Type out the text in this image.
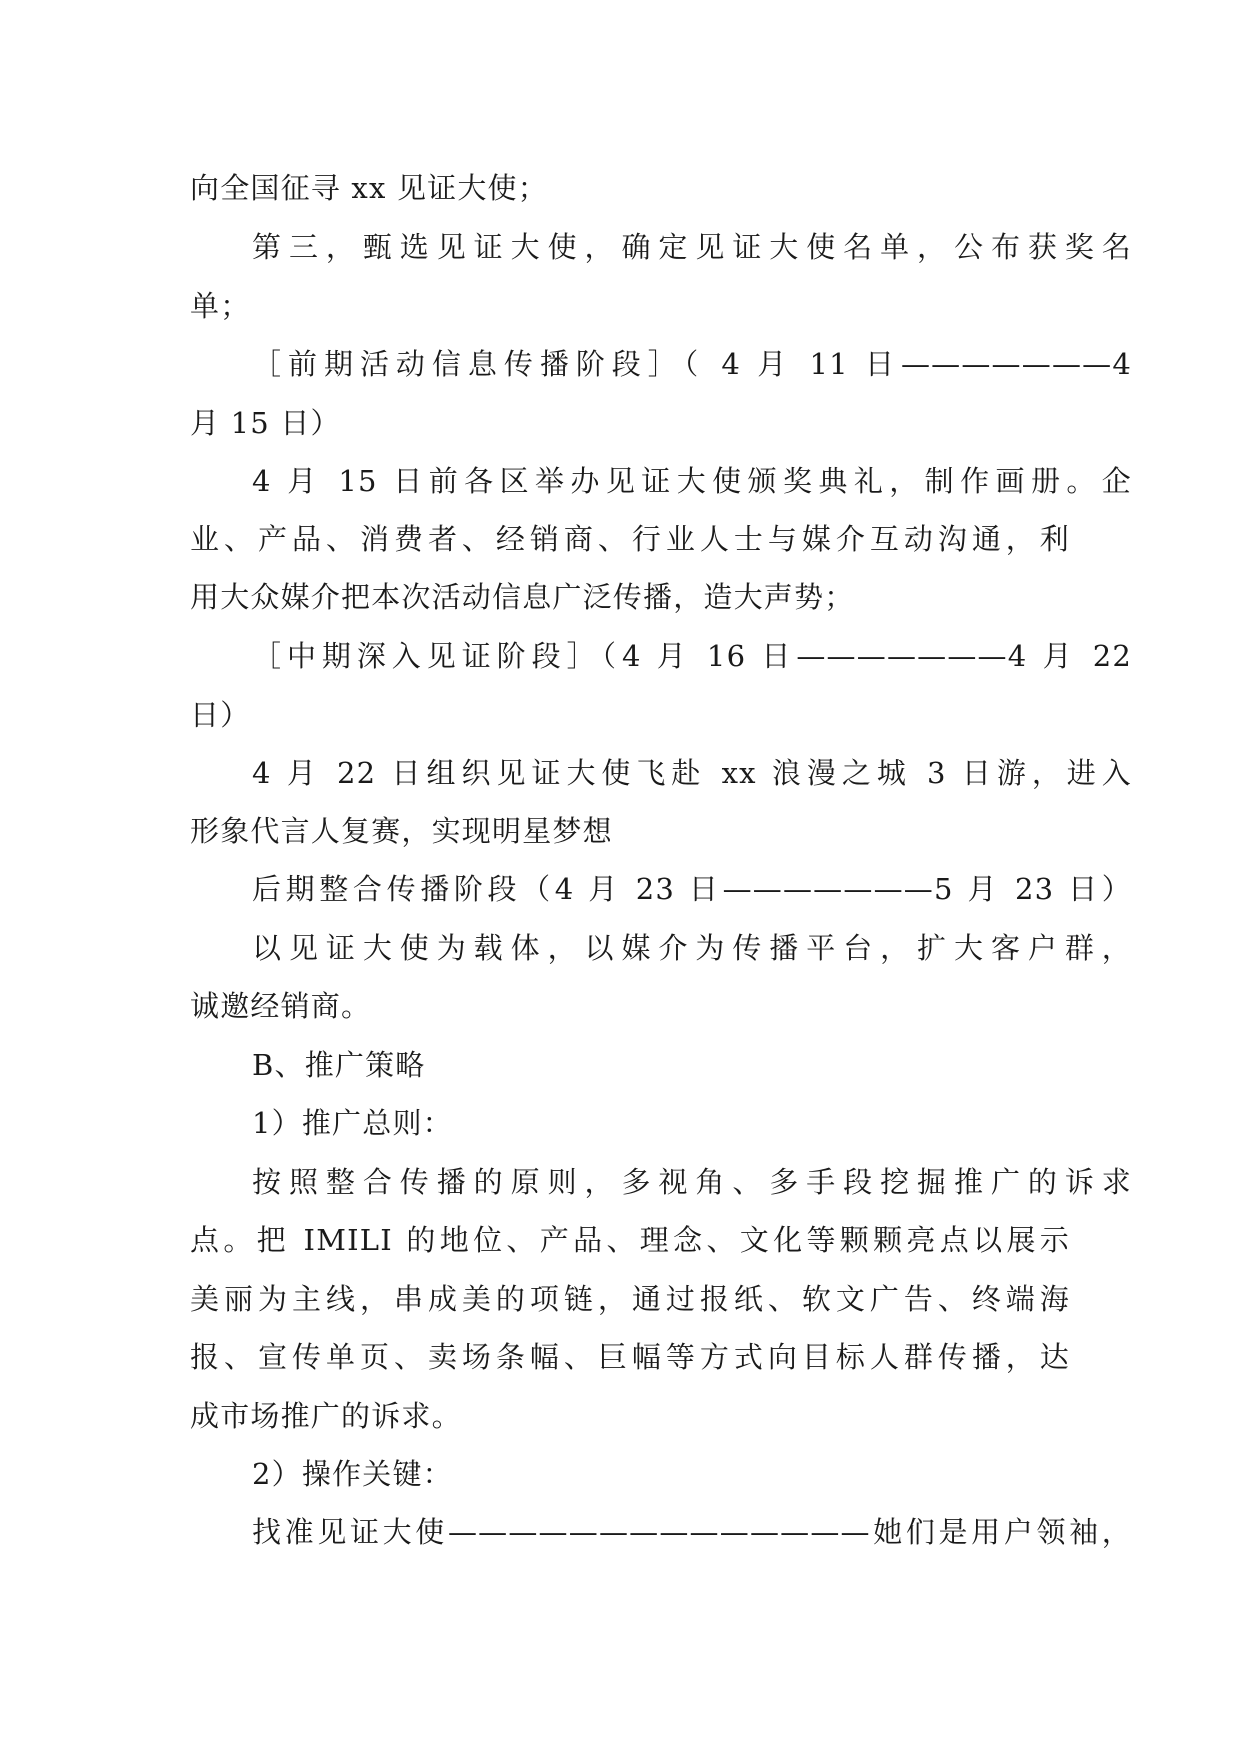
向全国征寻 xx 见证大使；
第三，甄选见证大使，确定见证大使名单，公布获奖名
单；
［前期活动信息传播阶段］（ 4 月 11 日———————4
月 15 日）
4 月 15 日前各区举办见证大使颁奖典礼，制作画册。企
业、产品、消费者、经销商、行业人士与媒介互动沟通，利
用大众媒介把本次活动信息广泛传播，造大声势；
［中期深入见证阶段］（4 月 16 日———————4 月 22
日）
4 月 22 日组织见证大使飞赴 xx 浪漫之城 3 日游，进入
形象代言人复赛，实现明星梦想
后期整合传播阶段（4 月 23 日———————5 月 23 日）
以见证大使为载体，以媒介为传播平台，扩大客户群，
诚邀经销商。
B、推广策略
1）推广总则：
按照整合传播的原则，多视角、多手段挖掘推广的诉求
点。把 IMILI 的地位、产品、理念、文化等颗颗亮点以展示
美丽为主线，串成美的项链，通过报纸、软文广告、终端海
报、宣传单页、卖场条幅、巨幅等方式向目标人群传播，达
成市场推广的诉求。
2）操作关键：
找准见证大使——————————————她们是用户领袖，
